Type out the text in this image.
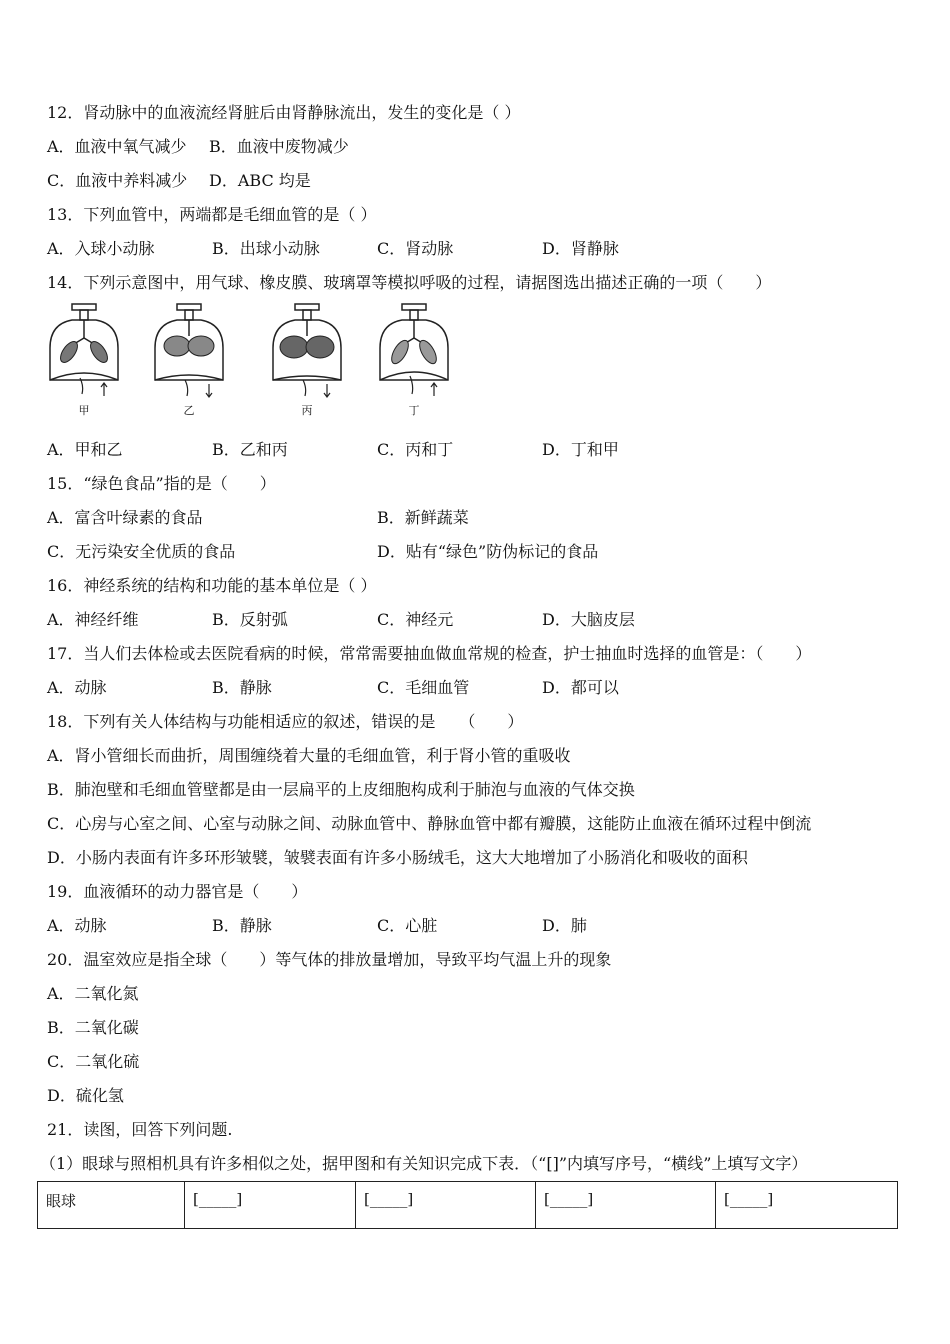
12．肾动脉中的血液流经肾脏后由肾静脉流出，发生的变化是（ ）
A．血液中氧气减少 B．血液中废物减少
C．血液中养料减少 D．ABC 均是
13．下列血管中，两端都是毛细血管的是（ ）
A．入球小动脉	B．出球小动脉	C．肾动脉	D．肾静脉
14．下列示意图中，用气球、橡皮膜、玻璃罩等模拟呼吸的过程，请据图选出描述正确的一项（　　）
甲	乙	丙	丁
A．甲和乙	B．乙和丙	C．丙和丁	D．丁和甲
15．“绿色食品”指的是（　　）
A．富含叶绿素的食品	B．新鲜蔬菜
C．无污染安全优质的食品	D．贴有“绿色”防伪标记的食品
16．神经系统的结构和功能的基本单位是（ ）
A．神经纤维	B．反射弧	C．神经元	D．大脑皮层
17．当人们去体检或去医院看病的时候，常常需要抽血做血常规的检查，护士抽血时选择的血管是：（　　）
A．动脉	B．静脉	C．毛细血管	D．都可以
18．下列有关人体结构与功能相适应的叙述，错误的是　　（　　）
A．肾小管细长而曲折，周围缠绕着大量的毛细血管，利于肾小管的重吸收
B．肺泡壁和毛细血管壁都是由一层扁平的上皮细胞构成利于肺泡与血液的气体交换
C．心房与心室之间、心室与动脉之间、动脉血管中、静脉血管中都有瓣膜，这能防止血液在循环过程中倒流
D．小肠内表面有许多环形皱襞，皱襞表面有许多小肠绒毛，这大大地增加了小肠消化和吸收的面积
19．血液循环的动力器官是（　　）
A．动脉	B．静脉	C．心脏	D．肺
20．温室效应是指全球（　　）等气体的排放量增加，导致平均气温上升的现象
A．二氧化氮
B．二氧化碳
C．二氧化硫
D．硫化氢
21．读图，回答下列问题.
（1）眼球与照相机具有许多相似之处，据甲图和有关知识完成下表．（“[]”内填写序号，“横线”上填写文字）
眼球	[_____]	[_____]	[_____]	[_____]
